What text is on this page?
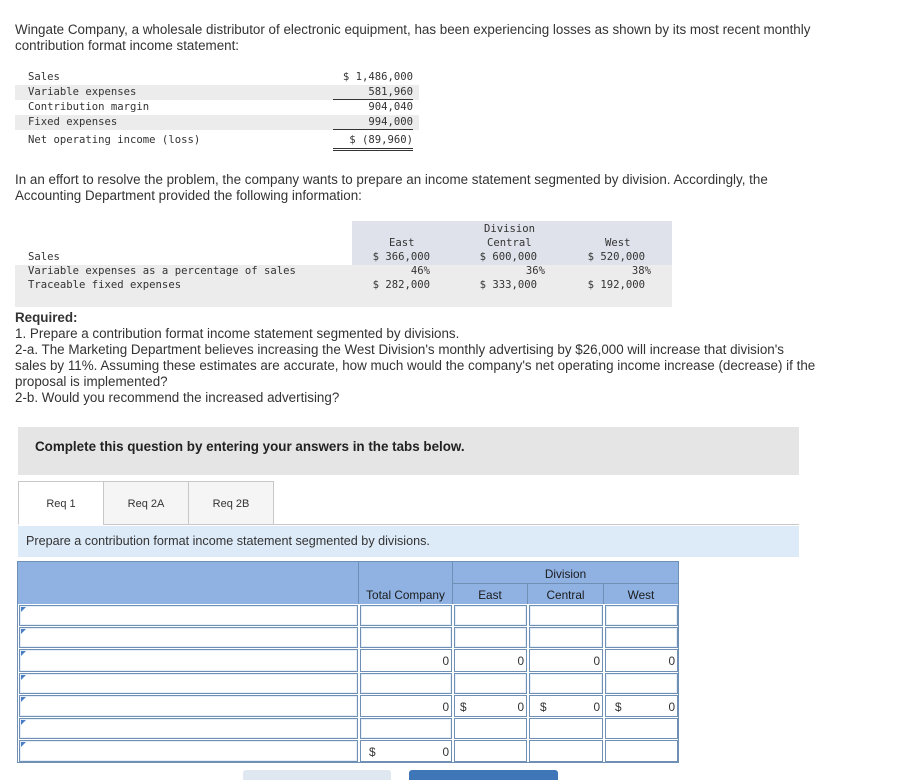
Wingate Company, a wholesale distributor of electronic equipment, has been experiencing losses as shown by its most recent monthly
contribution format income statement:
Sales	$ 1,486,000
Variable expenses	581,960
Contribution margin	904,040
Fixed expenses	994,000
Net operating income (loss)	$ (89,960)
In an effort to resolve the problem, the company wants to prepare an income statement segmented by division. Accordingly, the
Accounting Department provided the following information:
Division
East	Central	West
Sales	$ 366,000	$ 600,000	$ 520,000
Variable expenses as a percentage of sales	46%	36%	38%
Traceable fixed expenses	$ 282,000	$ 333,000	$ 192,000
Required:
1. Prepare a contribution format income statement segmented by divisions.
2-a. The Marketing Department believes increasing the West Division's monthly advertising by $26,000 will increase that division's
sales by 11%. Assuming these estimates are accurate, how much would the company's net operating income increase (decrease) if the
proposal is implemented?
2-b. Would you recommend the increased advertising?
Complete this question by entering your answers in the tabs below.
Req 1	Req 2A	Req 2B
Prepare a contribution format income statement segmented by divisions.
Division
Total Company	East	Central	West
0	0	0	0
0 $	0 $	0 $	0
$	0
